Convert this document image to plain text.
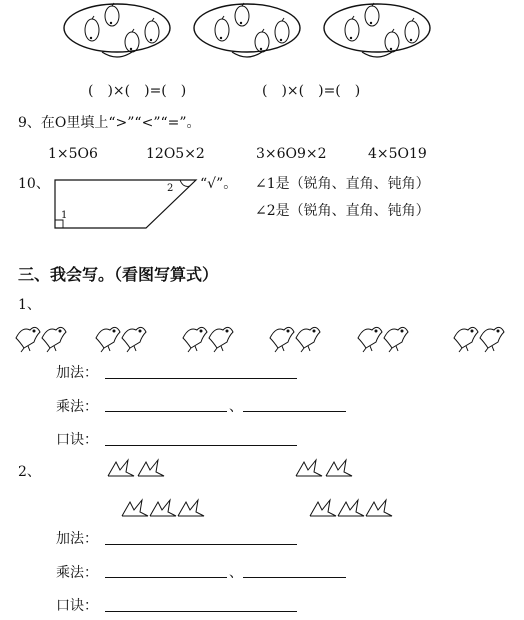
(　)×(　)=(　)	(　)×(　)=(　)
9、在O里填上“>”“<”“=”。
1×5O6	12O5×2	3×6O9×2	4×5O19
10、
1
2 “√”。 ∠1是（锐角、直角、钝角）
∠2是（锐角、直角、钝角）
三、我会写。（看图写算式）
1、
加法：
乘法：	、
口诀：
2、
加法：
乘法：	、
口诀：
